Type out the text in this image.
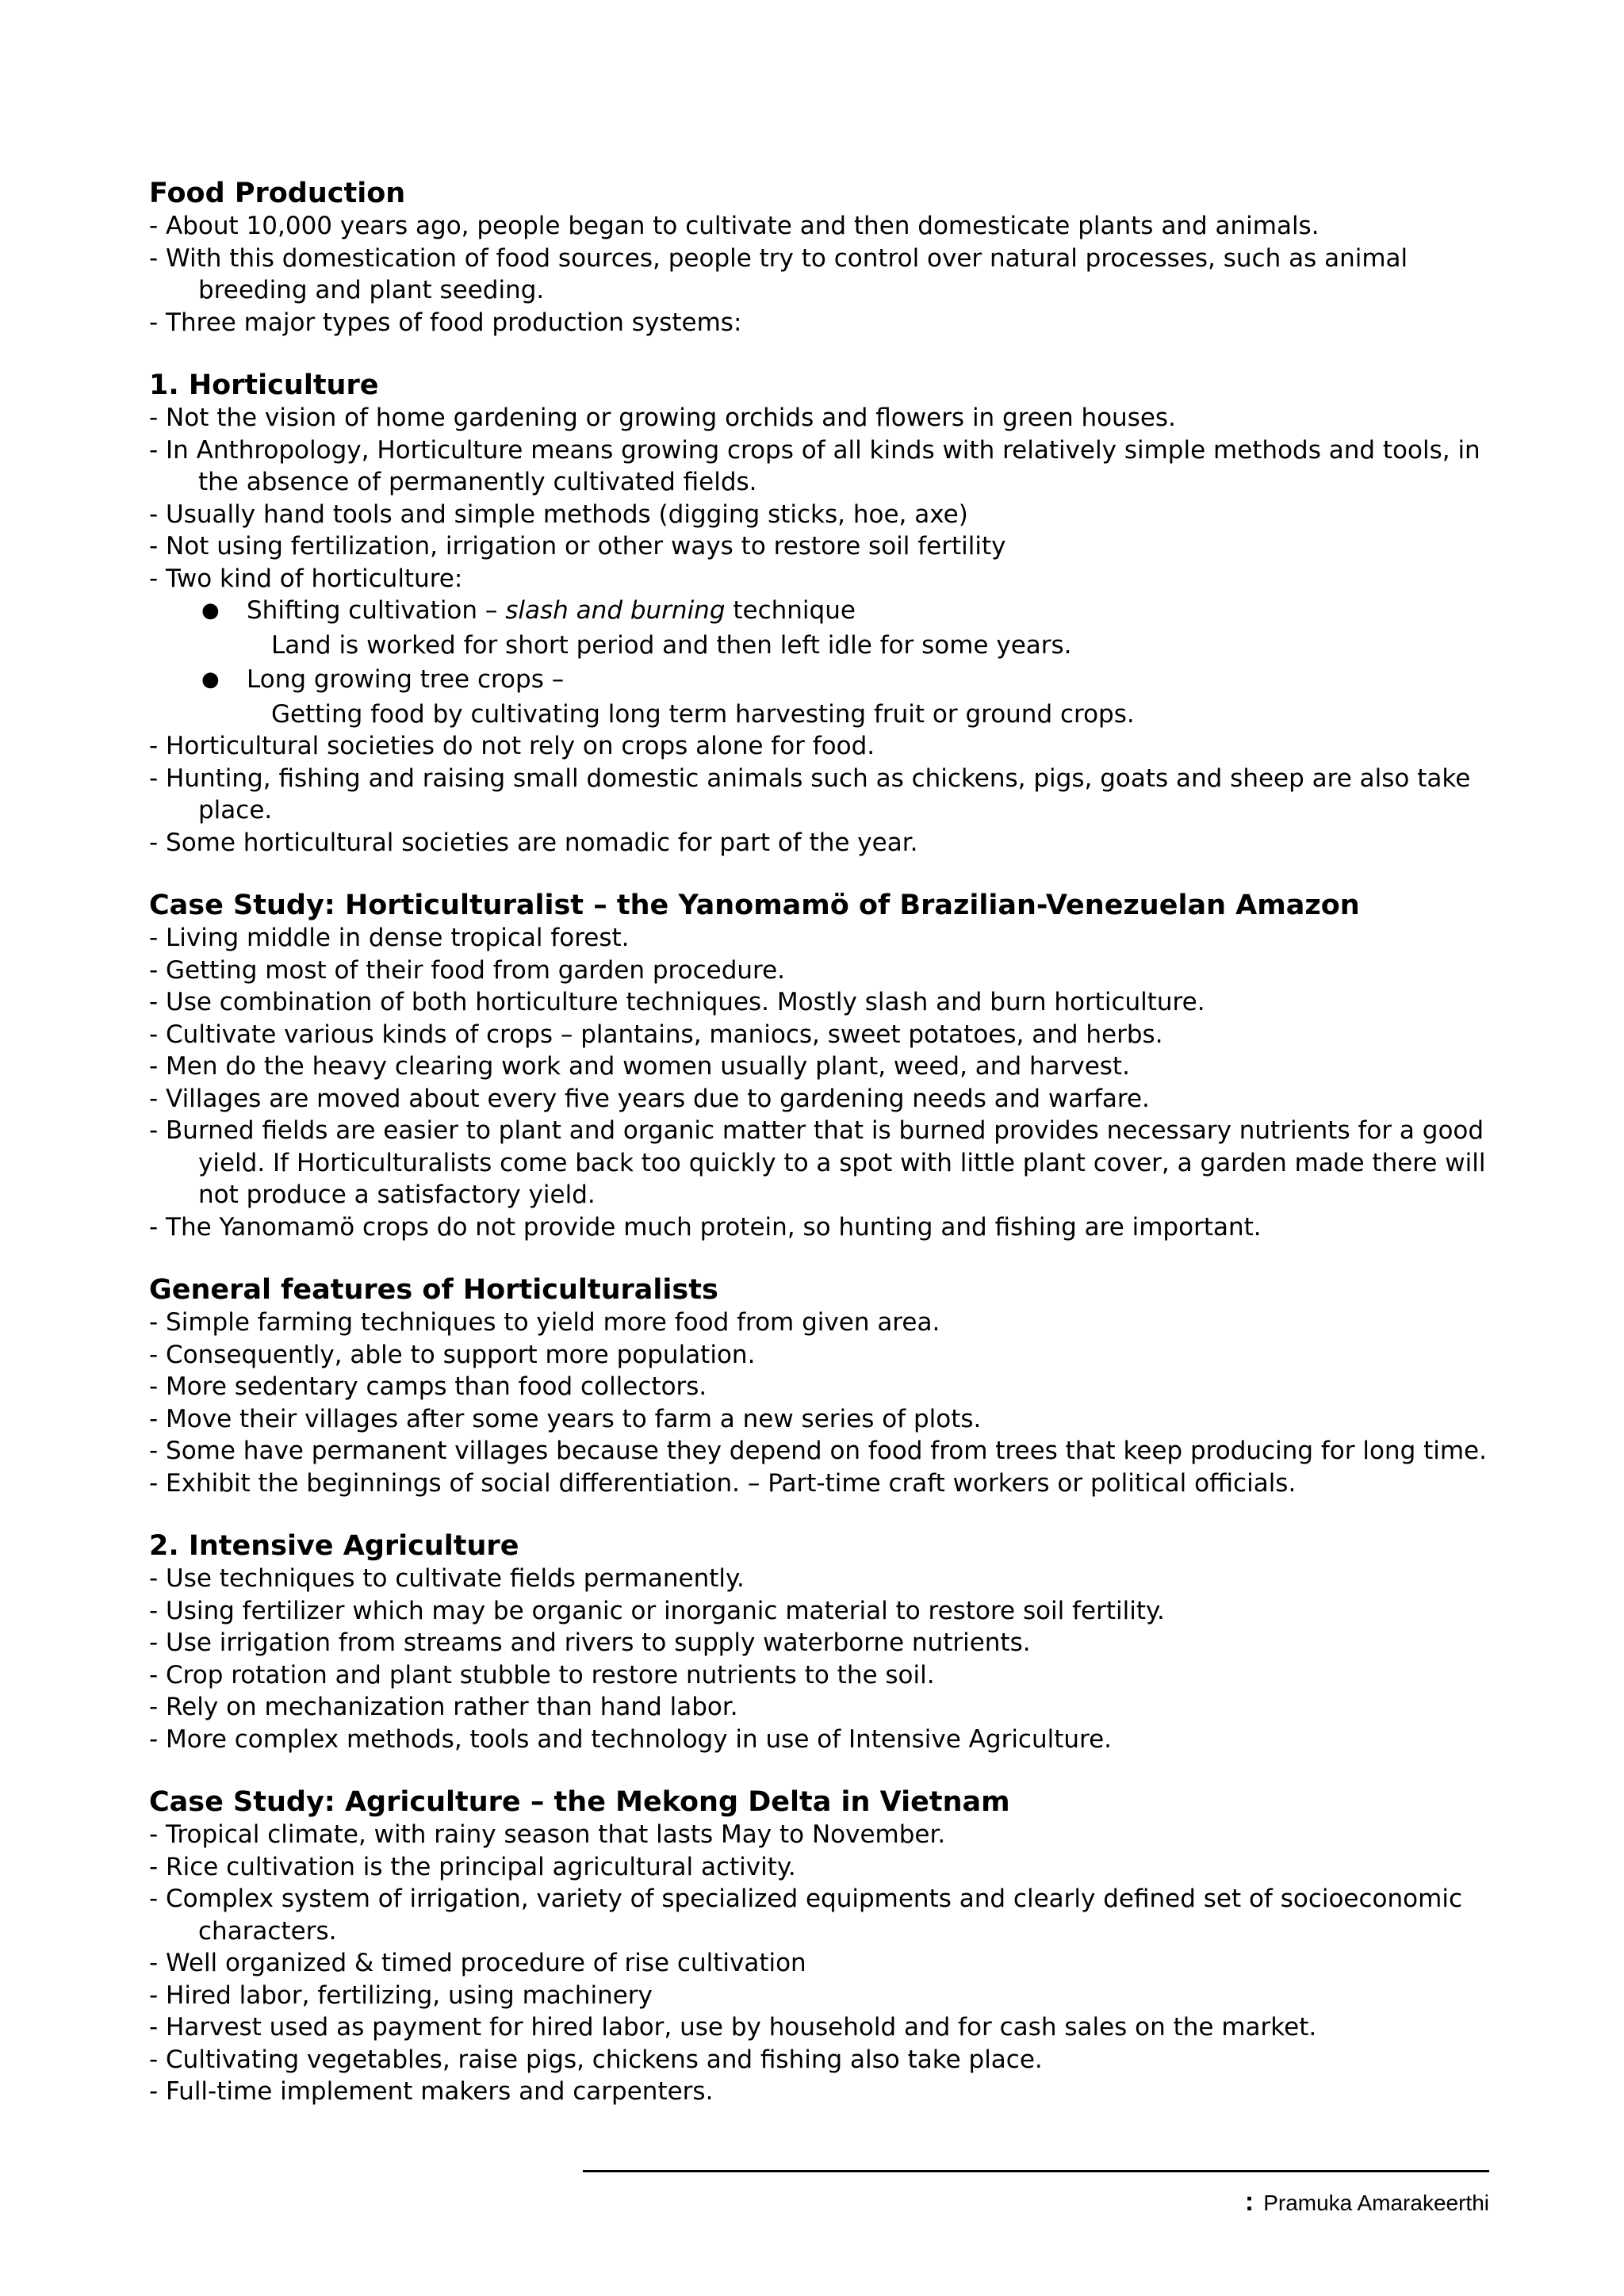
Food Production
- About 10,000 years ago, people began to cultivate and then domesticate plants and animals.
- With this domestication of food sources, people try to control over natural processes, such as animal breeding and plant seeding.
- Three major types of food production systems:
1. Horticulture
- Not the vision of home gardening or growing orchids and flowers in green houses.
- In Anthropology, Horticulture means growing crops of all kinds with relatively simple methods and tools, in the absence of permanently cultivated fields.
- Usually hand tools and simple methods (digging sticks, hoe, axe)
- Not using fertilization, irrigation or other ways to restore soil fertility
- Two kind of horticulture:
●	Shifting cultivation – slash and burning technique
Land is worked for short period and then left idle for some years.
●	Long growing tree crops –
Getting food by cultivating long term harvesting fruit or ground crops.
- Horticultural societies do not rely on crops alone for food.
- Hunting, fishing and raising small domestic animals such as chickens, pigs, goats and sheep are also take place.
- Some horticultural societies are nomadic for part of the year.
Case Study: Horticulturalist – the Yanomamö of Brazilian-Venezuelan Amazon
- Living middle in dense tropical forest.
- Getting most of their food from garden procedure.
- Use combination of both horticulture techniques. Mostly slash and burn horticulture.
- Cultivate various kinds of crops – plantains, maniocs, sweet potatoes, and herbs.
- Men do the heavy clearing work and women usually plant, weed, and harvest.
- Villages are moved about every five years due to gardening needs and warfare.
- Burned fields are easier to plant and organic matter that is burned provides necessary nutrients for a good yield. If Horticulturalists come back too quickly to a spot with little plant cover, a garden made there will not produce a satisfactory yield.
- The Yanomamö crops do not provide much protein, so hunting and fishing are important.
General features of Horticulturalists
- Simple farming techniques to yield more food from given area.
- Consequently, able to support more population.
- More sedentary camps than food collectors.
- Move their villages after some years to farm a new series of plots.
- Some have permanent villages because they depend on food from trees that keep producing for long time.
- Exhibit the beginnings of social differentiation. – Part-time craft workers or political officials.
2. Intensive Agriculture
- Use techniques to cultivate fields permanently.
- Using fertilizer which may be organic or inorganic material to restore soil fertility.
- Use irrigation from streams and rivers to supply waterborne nutrients.
- Crop rotation and plant stubble to restore nutrients to the soil.
- Rely on mechanization rather than hand labor.
- More complex methods, tools and technology in use of Intensive Agriculture.
Case Study: Agriculture – the Mekong Delta in Vietnam
- Tropical climate, with rainy season that lasts May to November.
- Rice cultivation is the principal agricultural activity.
- Complex system of irrigation, variety of specialized equipments and clearly defined set of socioeconomic characters.
- Well organized & timed procedure of rise cultivation
- Hired labor, fertilizing, using machinery
- Harvest used as payment for hired labor, use by household and for cash sales on the market.
- Cultivating vegetables, raise pigs, chickens and fishing also take place.
- Full-time implement makers and carpenters.
: Pramuka Amarakeerthi
